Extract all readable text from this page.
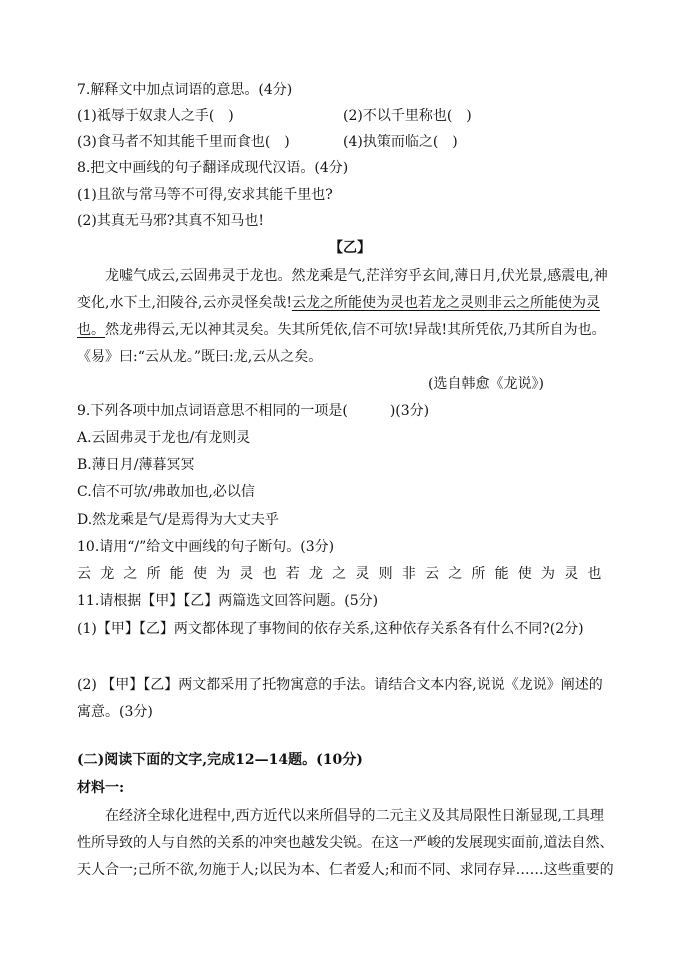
7.解释文中加点词语的意思。(4分)
(1)祗辱于奴隶人之手(　)	(2)不以千里称也(　)
(3)食马者不知其能千里而食也(　)	(4)执策而临之(　)
8.把文中画线的句子翻译成现代汉语。(4分)
(1)且欲与常马等不可得,安求其能千里也?
(2)其真无马邪?其真不知马也!
【乙】
龙嘘气成云,云固弗灵于龙也。然龙乘是气,茫洋穷乎玄间,薄日月,伏光景,感震电,神
变化,水下土,汨陵谷,云亦灵怪矣哉!云龙之所能使为灵也若龙之灵则非云之所能使为灵
也。然龙弗得云,无以神其灵矣。失其所凭依,信不可欤!异哉!其所凭依,乃其所自为也。
《易》曰:“云从龙。”既曰:龙,云从之矣。
(选自韩愈《龙说》)
9.下列各项中加点词语意思不相同的一项是(　　　)(3分)
A.云固弗灵于龙也/有龙则灵
B.薄日月/薄暮冥冥
C.信不可欤/弗敢加也,必以信
D.然龙乘是气/是焉得为大丈夫乎
10.请用“/”给文中画线的句子断句。(3分)
云龙之所能使为灵也若龙之灵则非云之所能使为灵也
11.请根据【甲】【乙】两篇选文回答问题。(5分)
(1)【甲】【乙】两文都体现了事物间的依存关系,这种依存关系各有什么不同?(2分)
(2) 【甲】【乙】两文都采用了托物寓意的手法。请结合文本内容,说说《龙说》阐述的
寓意。(3分)
(二)阅读下面的文字,完成12—14题。(10分)
材料一:
在经济全球化进程中,西方近代以来所倡导的二元主义及其局限性日渐显现,工具理
性所导致的人与自然的关系的冲突也越发尖锐。在这一严峻的发展现实面前,道法自然、
天人合一;己所不欲,勿施于人;以民为本、仁者爱人;和而不同、求同存异……这些重要的
